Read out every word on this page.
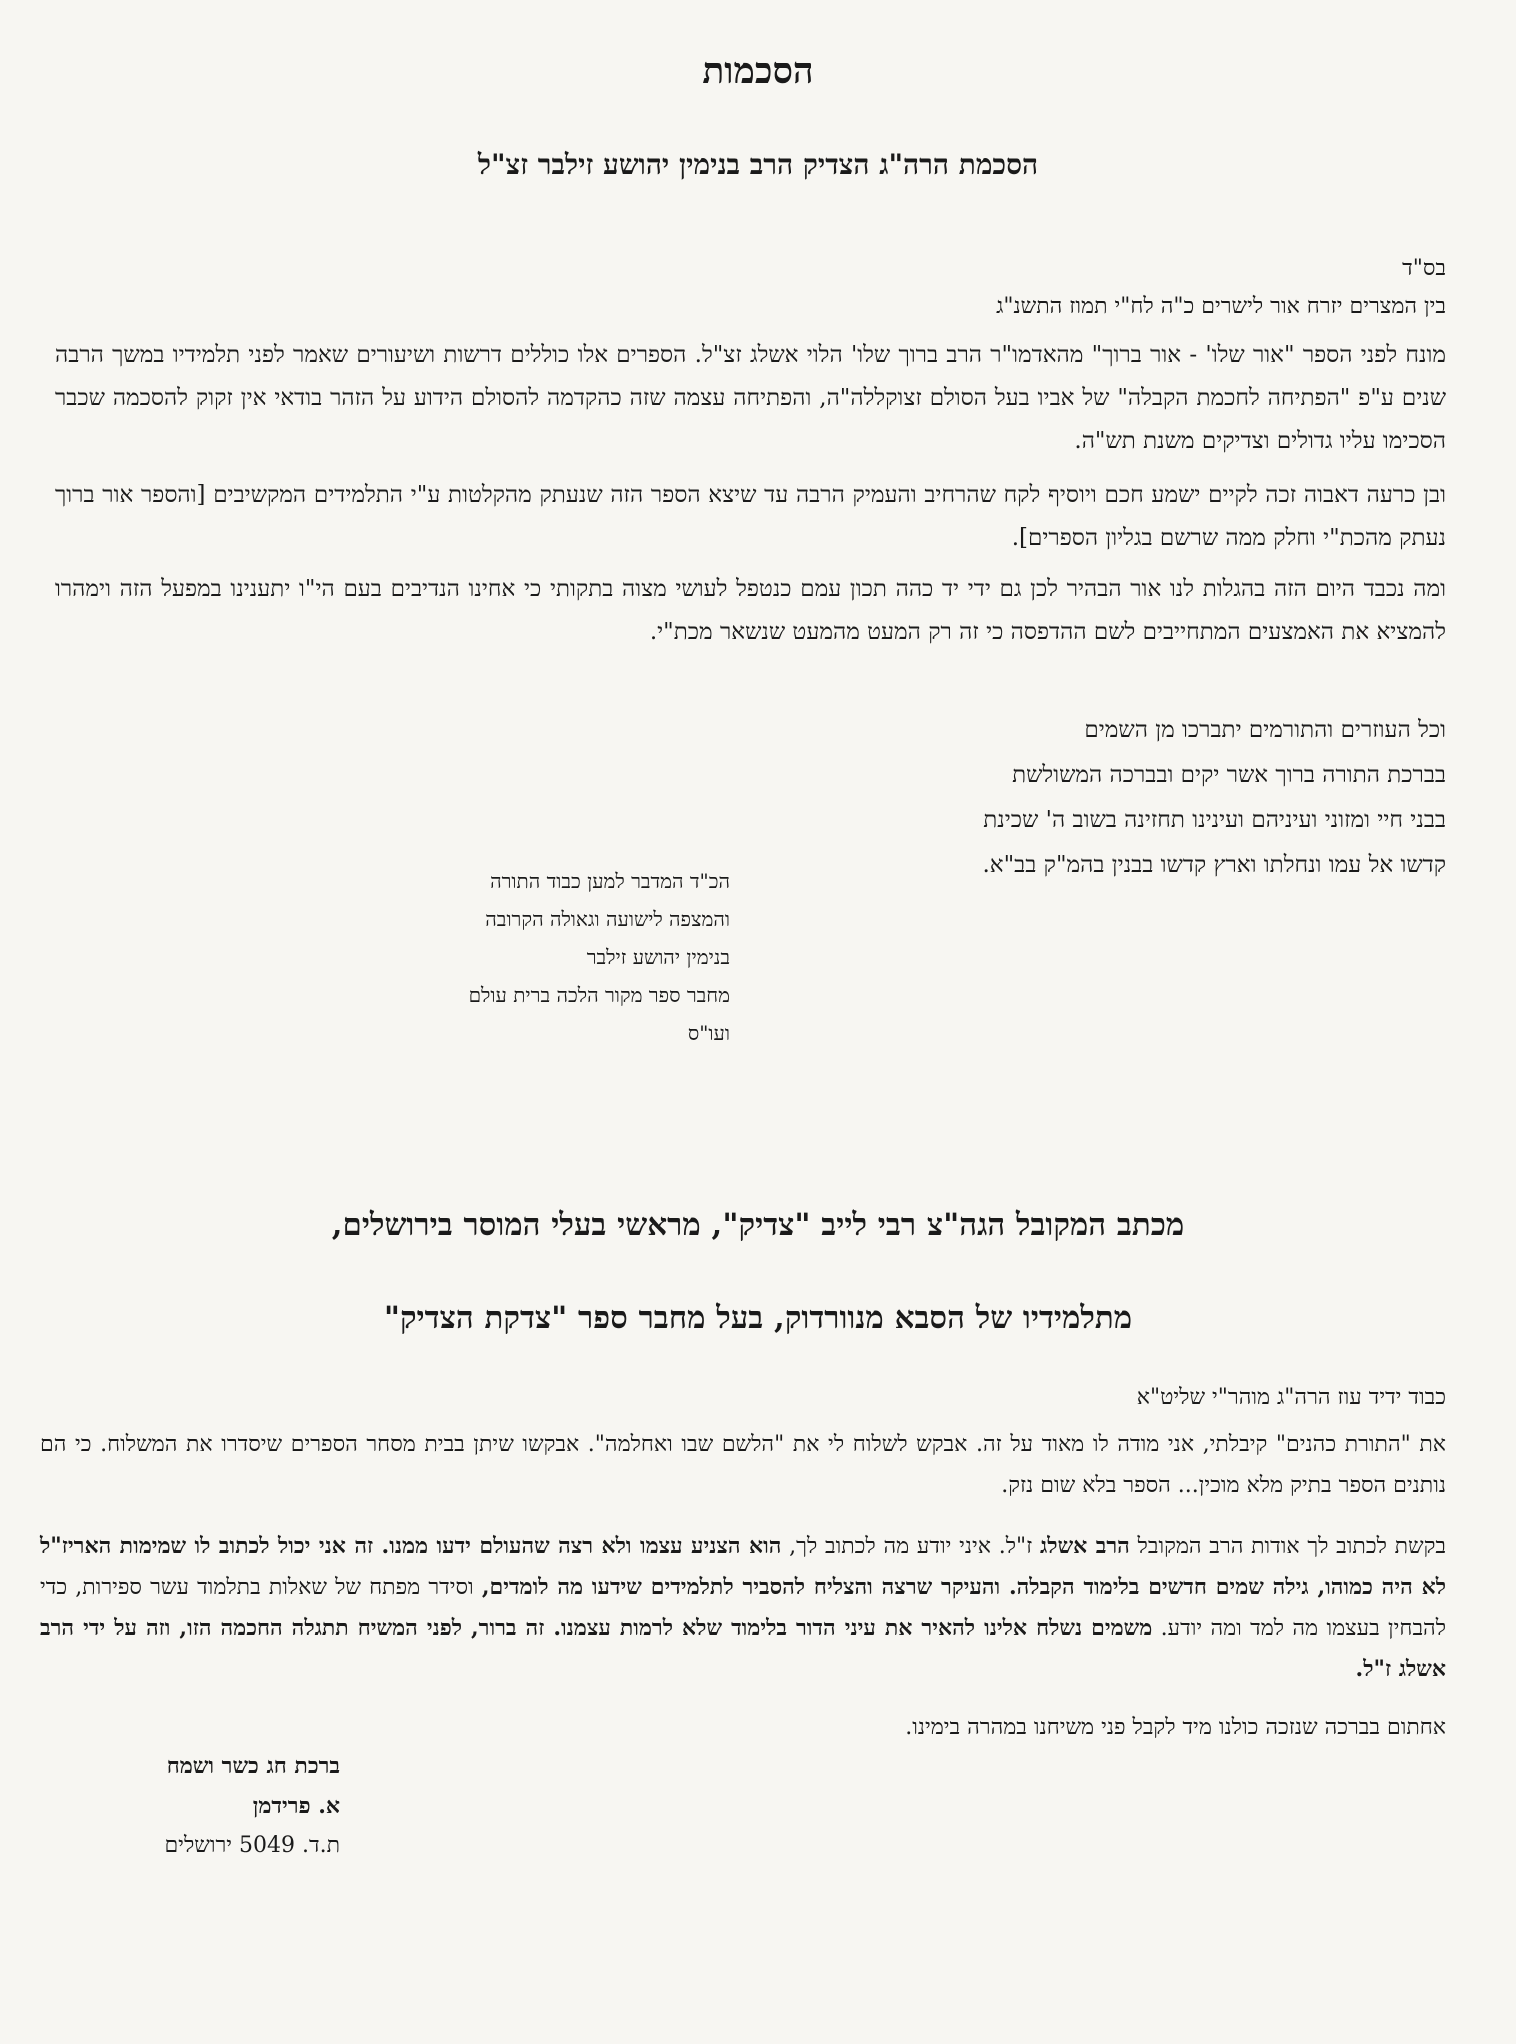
הסכמות
הסכמת הרה"ג הצדיק הרב בנימין יהושע זילבר זצ"ל
בס"ד
בין המצרים יזרח אור לישרים כ"ה לח"י תמוז התשנ"ג

מונח לפני הספר "אור שלו' - אור ברוך" מהאדמו"ר הרב ברוך שלו' הלוי אשלג זצ"ל. הספרים אלו כוללים דרשות ושיעורים שאמר לפני תלמידיו במשך הרבה שנים ע"פ "הפתיחה לחכמת הקבלה" של אביו בעל הסולם זצוקללה"ה, והפתיחה עצמה שזה כהקדמה להסולם הידוע על הזהר בודאי אין זקוק להסכמה שכבר הסכימו עליו גדולים וצדיקים משנת תש"ה.

ובן כרעה דאבוה זכה לקיים ישמע חכם ויוסיף לקח שהרחיב והעמיק הרבה עד שיצא הספר הזה שנעתק מהקלטות ע"י התלמידים המקשיבים [והספר אור ברוך נעתק מהכת"י וחלק ממה שרשם בגליון הספרים].

ומה נכבד היום הזה בהגלות לנו אור הבהיר לכן גם ידי יד כהה תכון עמם כנטפל לעושי מצוה בתקותי כי אחינו הנדיבים בעם הי"ו יתענינו במפעל הזה וימהרו להמציא את האמצעים המתחייבים לשם ההדפסה כי זה רק המעט מהמעט שנשאר מכת"י.

וכל העוזרים והתורמים יתברכו מן השמים
בברכת התורה ברוך אשר יקים ובברכה המשולשת
בבני חיי ומזוני ועיניהם ועינינו תחזינה בשוב ה' שכינת
קדשו אל עמו ונחלתו וארץ קדשו בבנין בהמ"ק בב"א.
הכ"ד המדבר למען כבוד התורה
והמצפה לישועה וגאולה הקרובה
בנימין יהושע זילבר
מחבר ספר מקור הלכה ברית עולם
ועו"ס
מכתב המקובל הגה"צ רבי לייב "צדיק", מראשי בעלי המוסר בירושלים,
מתלמידיו של הסבא מנוורדוק, בעל מחבר ספר "צדקת הצדיק"
כבוד ידיד עוז הרה"ג מוהר"י שליט"א

את "התורת כהנים" קיבלתי, אני מודה לו מאוד על זה. אבקש לשלוח לי את "הלשם שבו ואחלמה". אבקשו שיתן בבית מסחר הספרים שיסדרו את המשלוח. כי הם נותנים הספר בתיק מלא מוכין... הספר בלא שום נזק.

בקשת לכתוב לך אודות הרב המקובל הרב אשלג ז"ל. איני יודע מה לכתוב לך, הוא הצניע עצמו ולא רצה שהעולם ידעו ממנו. זה אני יכול לכתוב לו שמימות האריז"ל לא היה כמוהו, גילה שמים חדשים בלימוד הקבלה. והעיקר שרצה והצליח להסביר לתלמידים שידעו מה לומדים, וסידר מפתח של שאלות בתלמוד עשר ספירות, כדי להבחין בעצמו מה למד ומה יודע. משמים נשלח אלינו להאיר את עיני הדור בלימוד שלא לרמות עצמנו. זה ברור, לפני המשיח תתגלה החכמה הזו, וזה על ידי הרב אשלג ז"ל.

אחתום בברכה שנזכה כולנו מיד לקבל פני משיחנו במהרה בימינו.
ברכת חג כשר ושמח
א. פרידמן
ת.ד. 5049 ירושלים
